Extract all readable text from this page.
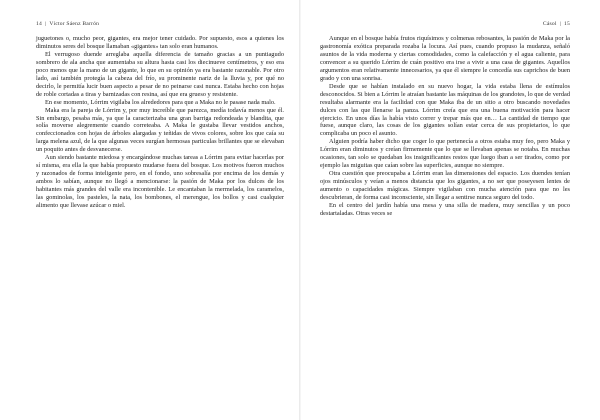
14 | Víctor Sáenz Barrón

juguetones o, mucho peor, gigantes, era mejor tener cuidado. Por supuesto, esos a quienes los diminutos seres del bosque llamaban «gigantes» tan solo eran humanos.

El verrugoso duende arreglaba aquella diferencia de tamaño gracias a un puntiagudo sombrero de ala ancha que aumentaba su altura hasta casi los diecinueve centímetros, y eso era poco menos que la mano de un gigante, lo que en su opinión ya era bastante razonable. Por otro lado, así también protegía la cabeza del frío, su prominente nariz de la lluvia y, por qué no decirlo, le permitía lucir buen aspecto a pesar de no peinarse casi nunca. Estaba hecho con hojas de roble cortadas a tiras y barnizadas con resina, así que era grueso y resistente.

En ese momento, Lórrim vigilaba los alrededores para que a Maka no le pasase nada malo.

Maka era la pareja de Lórrim y, por muy increíble que parezca, medía todavía menos que él. Sin embargo, pesaba más, ya que la caracterizaba una gran barriga redondeada y blandita, que solía moverse alegremente cuando correteaba. A Maka le gustaba llevar vestidos anchos, confeccionados con hojas de árboles alargadas y teñidas de vivos colores, sobre los que caía su larga melena azul, de la que algunas veces surgían hermosas particulas brillantes que se elevaban un poquito antes de desvanecerse.

Aun siendo bastante miedosa y encargándose muchas tareas a Lórrim para evitar hacerlas por sí misma, era ella la que había propuesto mudarse fuera del bosque. Los motivos fueron muchos y razonados de forma inteligente pero, en el fondo, uno sobresalía por encima de los demás y ambos lo sabían, aunque no llegó a mencionarse: la pasión de Maka por los dulces de los habitantes más grandes del valle era incontenible. Le encantaban la mermelada, los caramelos, las gominolas, los pasteles, la nata, los bombones, el merengue, los bollos y casi cualquier alimento que llevase azúcar o miel.

Cásol | 15

Aunque en el bosque había frutos riquísimos y colmenas rebosantes, la pasión de Maka por la gastronomía exótica preparada rozaba la locura. Así pues, cuando propuso la mudanza, señaló asuntos de la vida moderna y ciertas comodidades, como la calefacción y el agua caliente, para convencer a su querido Lórrim de cuán positivo era irse a vivir a una casa de gigantes. Aquellos argumentos eran relativamente innecesarios, ya que él siempre le concedía sus caprichos de buen grado y con una sonrisa.

Desde que se habían instalado en su nuevo hogar, la vida estaba llena de estímulos desconocidos. Si bien a Lórrim le atraían bastante las máquinas de los grandotes, lo que de verdad resultaba alarmante era la facilidad con que Maka iba de un sitio a otro buscando novedades dulces con las que llenarse la panza. Lórrim creía que era una buena motivación para hacer ejercicio. En unos días la había visto correr y trepar más que en… La cantidad de tiempo que fuese, aunque claro, las cosas de los gigantes solían estar cerca de sus propietarios, lo que complicaba un poco el asunto.

Alguien podría haber dicho que coger lo que pertenecía a otros estaba muy feo, pero Maka y Lórrim eran diminutos y creían firmemente que lo que se llevaban apenas se notaba. En muchas ocasiones, tan solo se quedaban los insignificantes restos que luego iban a ser tirados, como por ejemplo las miguitas que caían sobre las superficies, aunque no siempre.

Otra cuestión que preocupaba a Lórrim eran las dimensiones del espacio. Los duendes tenían ojos minúsculos y veían a menos distancia que los gigantes, a no ser que poseyesen lentes de aumento o capacidades mágicas. Siempre vigilaban con mucha atención para que no les descubrieran, de forma casi inconsciente, sin llegar a sentirse nunca seguro del todo.

En el centro del jardín había una mesa y una silla de madera, muy sencillas y un poco destartaladas. Otras veces se
